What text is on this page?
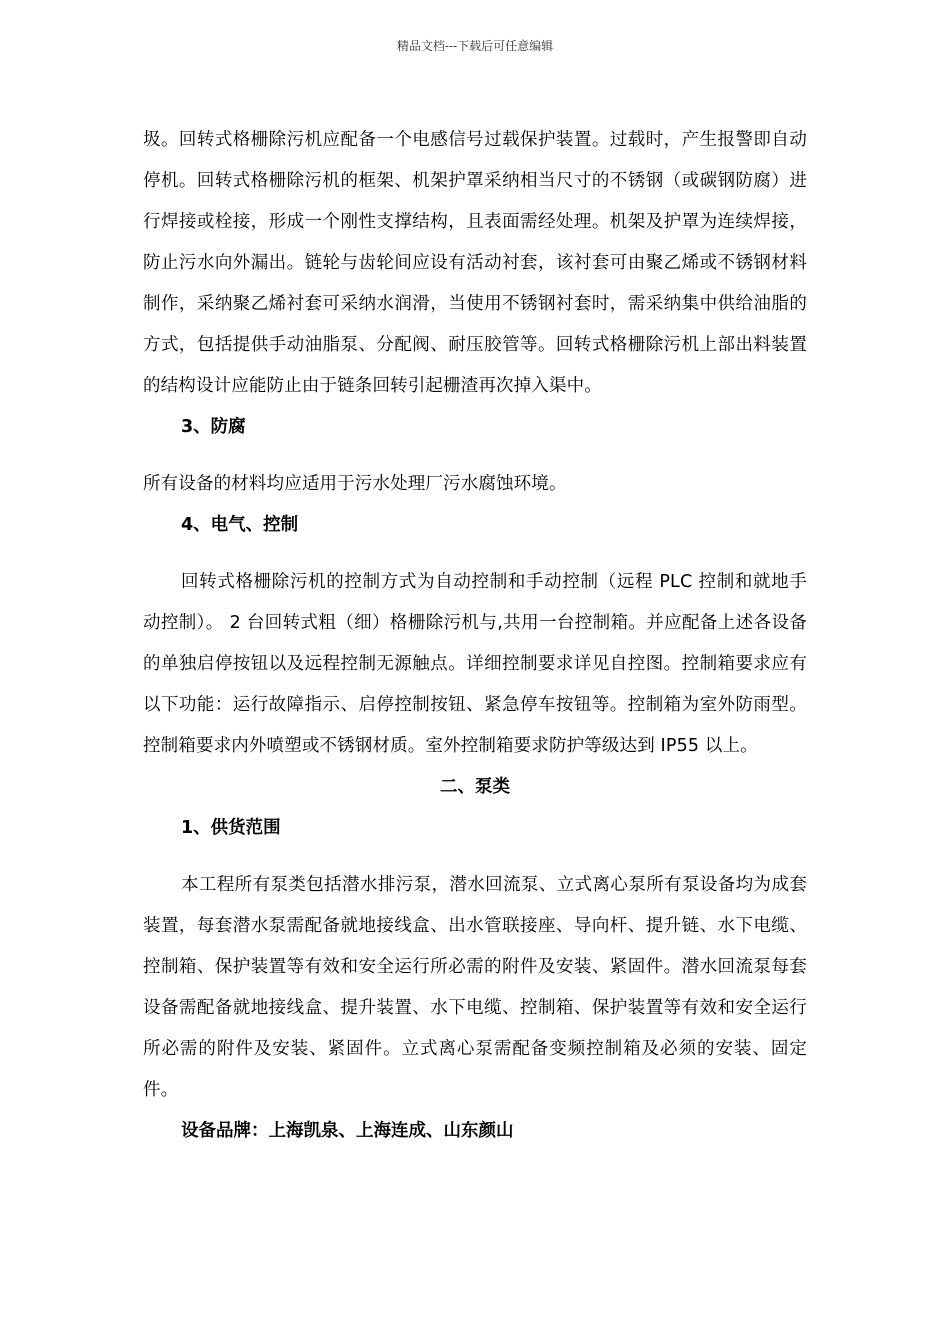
精品文档---下载后可任意编辑

圾。回转式格栅除污机应配备一个电感信号过载保护装置。过载时，产生报警即自动停机。回转式格栅除污机的框架、机架护罩采纳相当尺寸的不锈钢（或碳钢防腐）进行焊接或栓接，形成一个刚性支撑结构，且表面需经处理。机架及护罩为连续焊接，防止污水向外漏出。链轮与齿轮间应设有活动衬套，该衬套可由聚乙烯或不锈钢材料制作，采纳聚乙烯衬套可采纳水润滑，当使用不锈钢衬套时，需采纳集中供给油脂的方式，包括提供手动油脂泵、分配阀、耐压胶管等。回转式格栅除污机上部出料装置的结构设计应能防止由于链条回转引起栅渣再次掉入渠中。

3、防腐

所有设备的材料均应适用于污水处理厂污水腐蚀环境。

4、电气、控制

回转式格栅除污机的控制方式为自动控制和手动控制（远程 PLC 控制和就地手动控制）。 2 台回转式粗（细）格栅除污机与,共用一台控制箱。并应配备上述各设备的单独启停按钮以及远程控制无源触点。详细控制要求详见自控图。控制箱要求应有以下功能：运行故障指示、启停控制按钮、紧急停车按钮等。控制箱为室外防雨型。控制箱要求内外喷塑或不锈钢材质。室外控制箱要求防护等级达到 IP55 以上。

二、泵类

1、供货范围

本工程所有泵类包括潜水排污泵，潜水回流泵、立式离心泵所有泵设备均为成套装置，每套潜水泵需配备就地接线盒、出水管联接座、导向杆、提升链、水下电缆、控制箱、保护装置等有效和安全运行所必需的附件及安装、紧固件。潜水回流泵每套设备需配备就地接线盒、提升装置、水下电缆、控制箱、保护装置等有效和安全运行所必需的附件及安装、紧固件。立式离心泵需配备变频控制箱及必须的安装、固定件。

设备品牌：上海凯泉、上海连成、山东颜山
